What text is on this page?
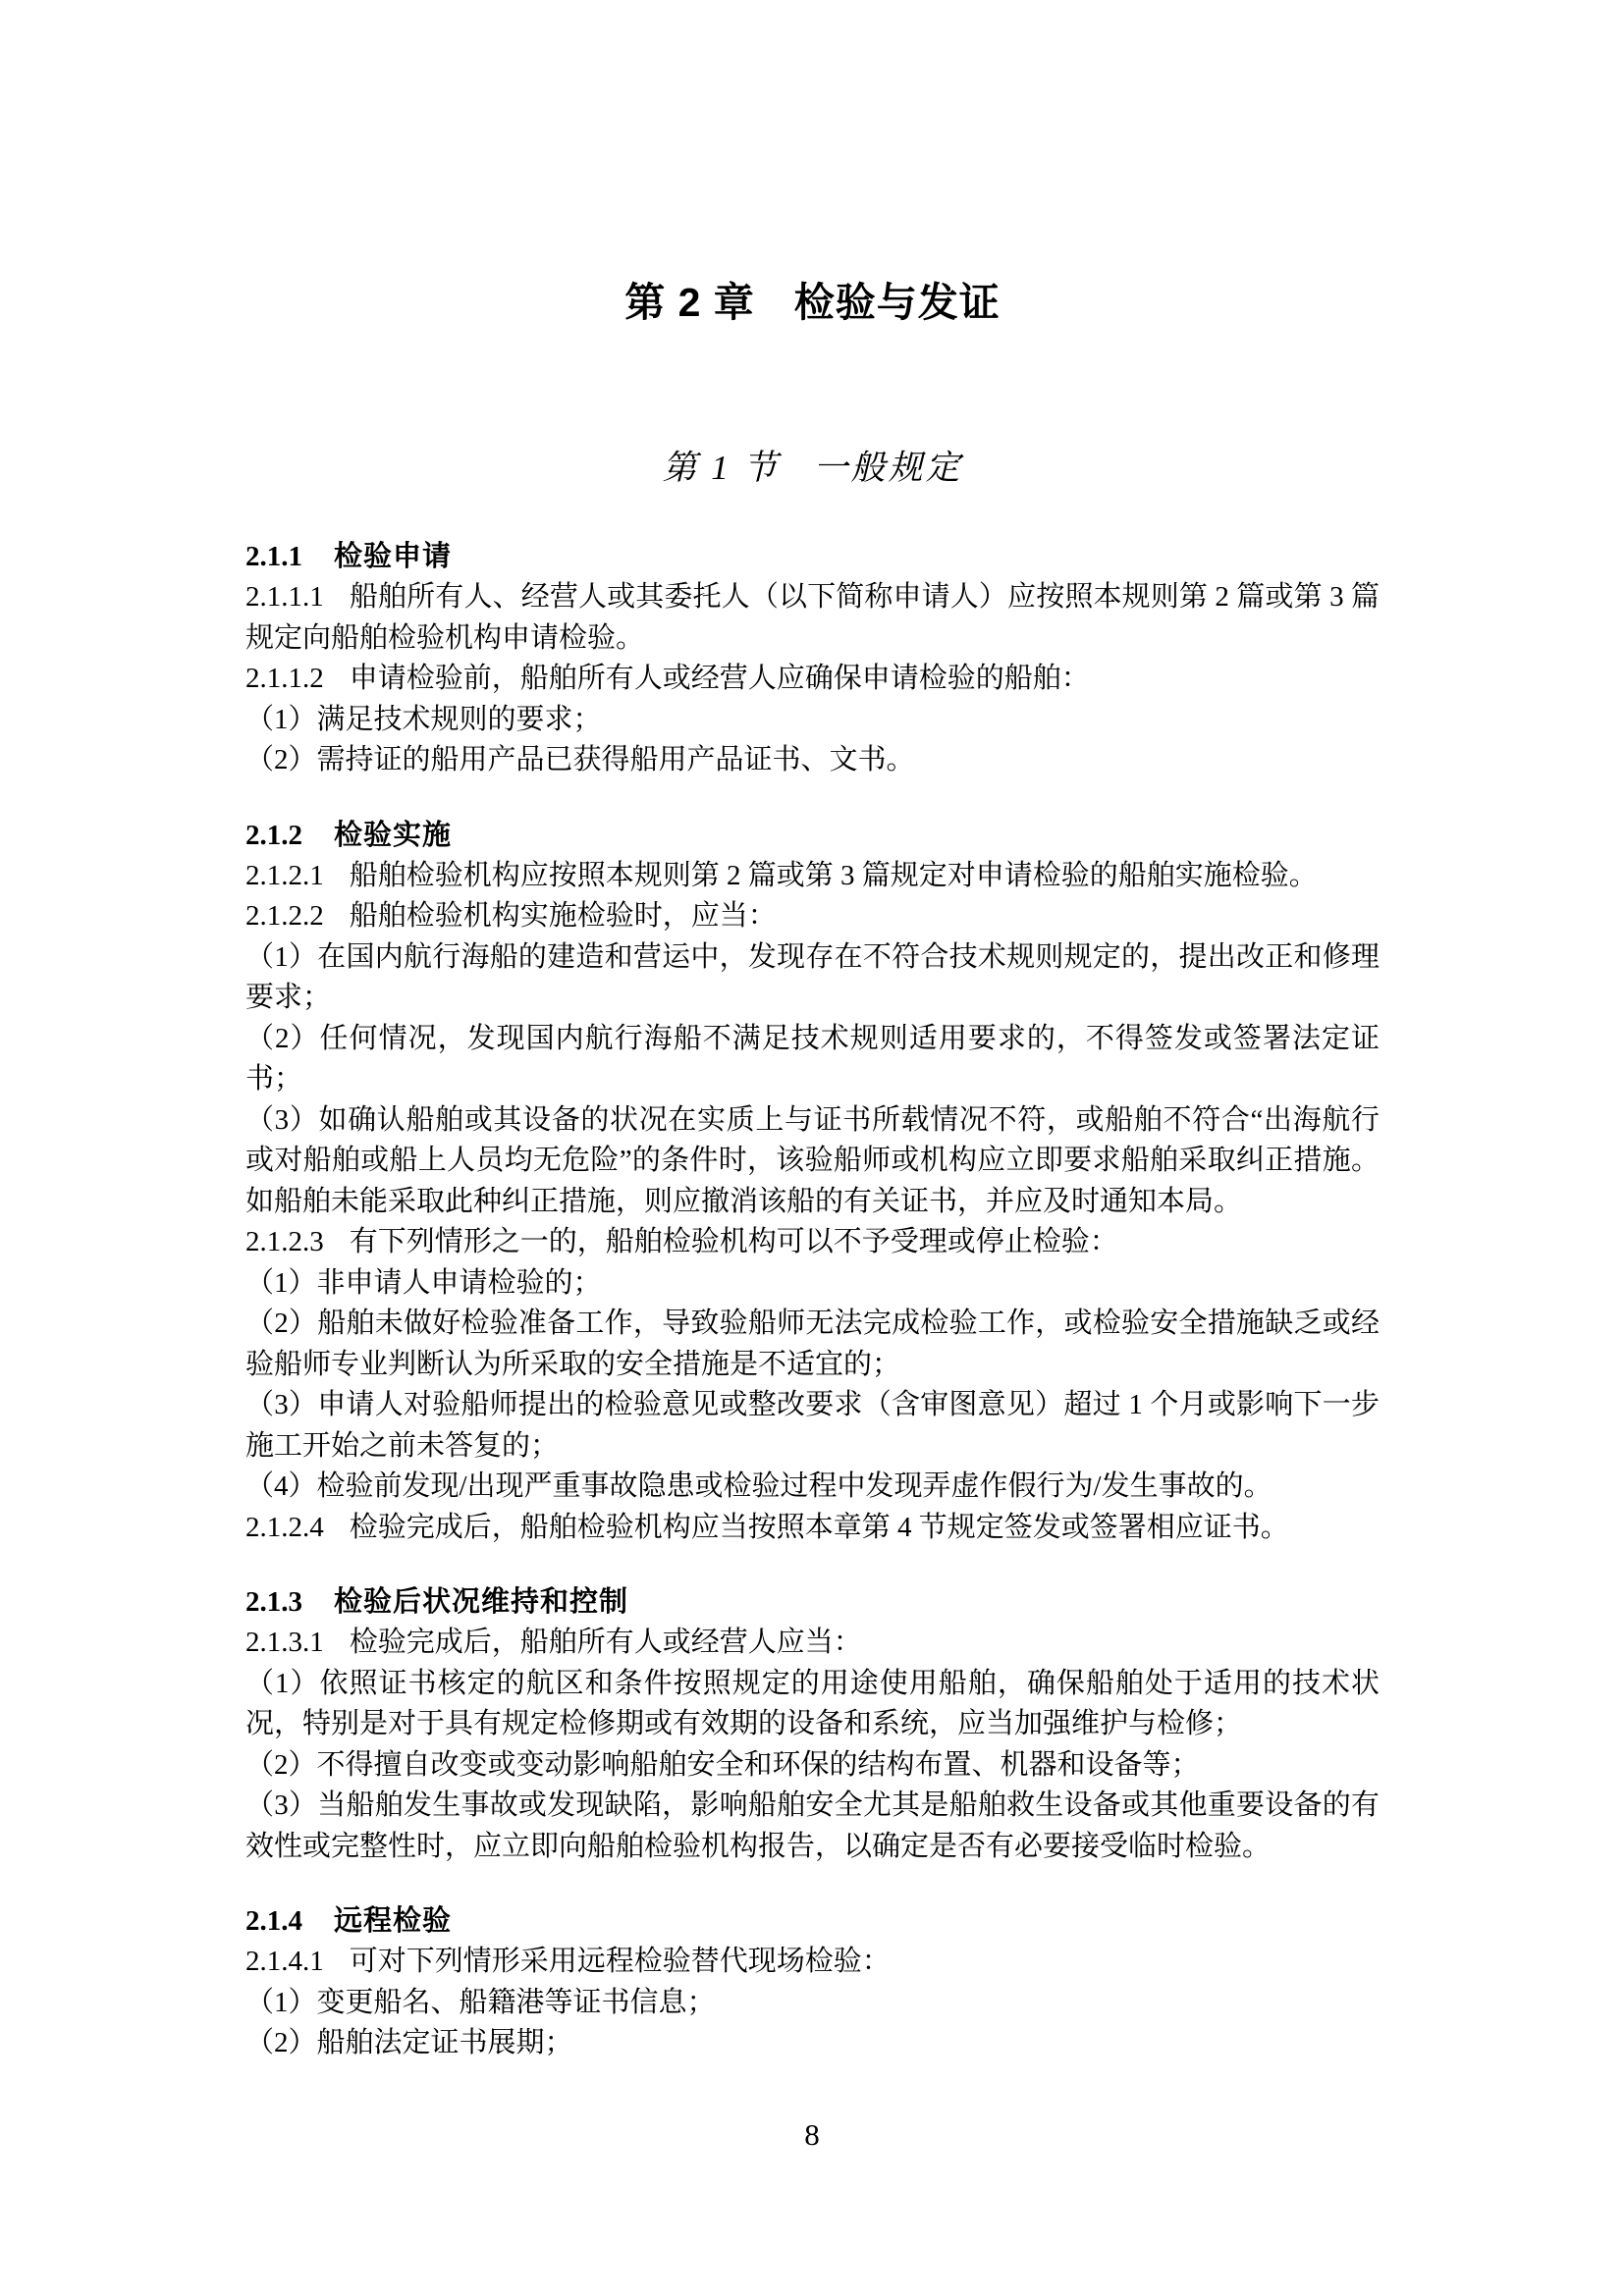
第 2 章 检验与发证
第 1 节 一般规定
2.1.1 检验申请

2.1.1.1 船舶所有人、经营人或其委托人（以下简称申请人）应按照本规则第 2 篇或第 3 篇规定向船舶检验机构申请检验。

2.1.1.2 申请检验前，船舶所有人或经营人应确保申请检验的船舶：

（1）满足技术规则的要求；

（2）需持证的船用产品已获得船用产品证书、文书。

2.1.2 检验实施

2.1.2.1 船舶检验机构应按照本规则第 2 篇或第 3 篇规定对申请检验的船舶实施检验。

2.1.2.2 船舶检验机构实施检验时，应当：

（1）在国内航行海船的建造和营运中，发现存在不符合技术规则规定的，提出改正和修理要求；

（2）任何情况，发现国内航行海船不满足技术规则适用要求的，不得签发或签署法定证书；

（3）如确认船舶或其设备的状况在实质上与证书所载情况不符，或船舶不符合“出海航行或对船舶或船上人员均无危险”的条件时，该验船师或机构应立即要求船舶采取纠正措施。如船舶未能采取此种纠正措施，则应撤消该船的有关证书，并应及时通知本局。

2.1.2.3 有下列情形之一的，船舶检验机构可以不予受理或停止检验：

（1）非申请人申请检验的；

（2）船舶未做好检验准备工作，导致验船师无法完成检验工作，或检验安全措施缺乏或经验船师专业判断认为所采取的安全措施是不适宜的；

（3）申请人对验船师提出的检验意见或整改要求（含审图意见）超过 1 个月或影响下一步施工开始之前未答复的；

（4）检验前发现/出现严重事故隐患或检验过程中发现弄虚作假行为/发生事故的。

2.1.2.4 检验完成后，船舶检验机构应当按照本章第 4 节规定签发或签署相应证书。

2.1.3 检验后状况维持和控制

2.1.3.1 检验完成后，船舶所有人或经营人应当：

（1）依照证书核定的航区和条件按照规定的用途使用船舶，确保船舶处于适用的技术状况，特别是对于具有规定检修期或有效期的设备和系统，应当加强维护与检修；

（2）不得擅自改变或变动影响船舶安全和环保的结构布置、机器和设备等；

（3）当船舶发生事故或发现缺陷，影响船舶安全尤其是船舶救生设备或其他重要设备的有效性或完整性时，应立即向船舶检验机构报告，以确定是否有必要接受临时检验。

2.1.4 远程检验

2.1.4.1 可对下列情形采用远程检验替代现场检验：

（1）变更船名、船籍港等证书信息；

（2）船舶法定证书展期；

8
